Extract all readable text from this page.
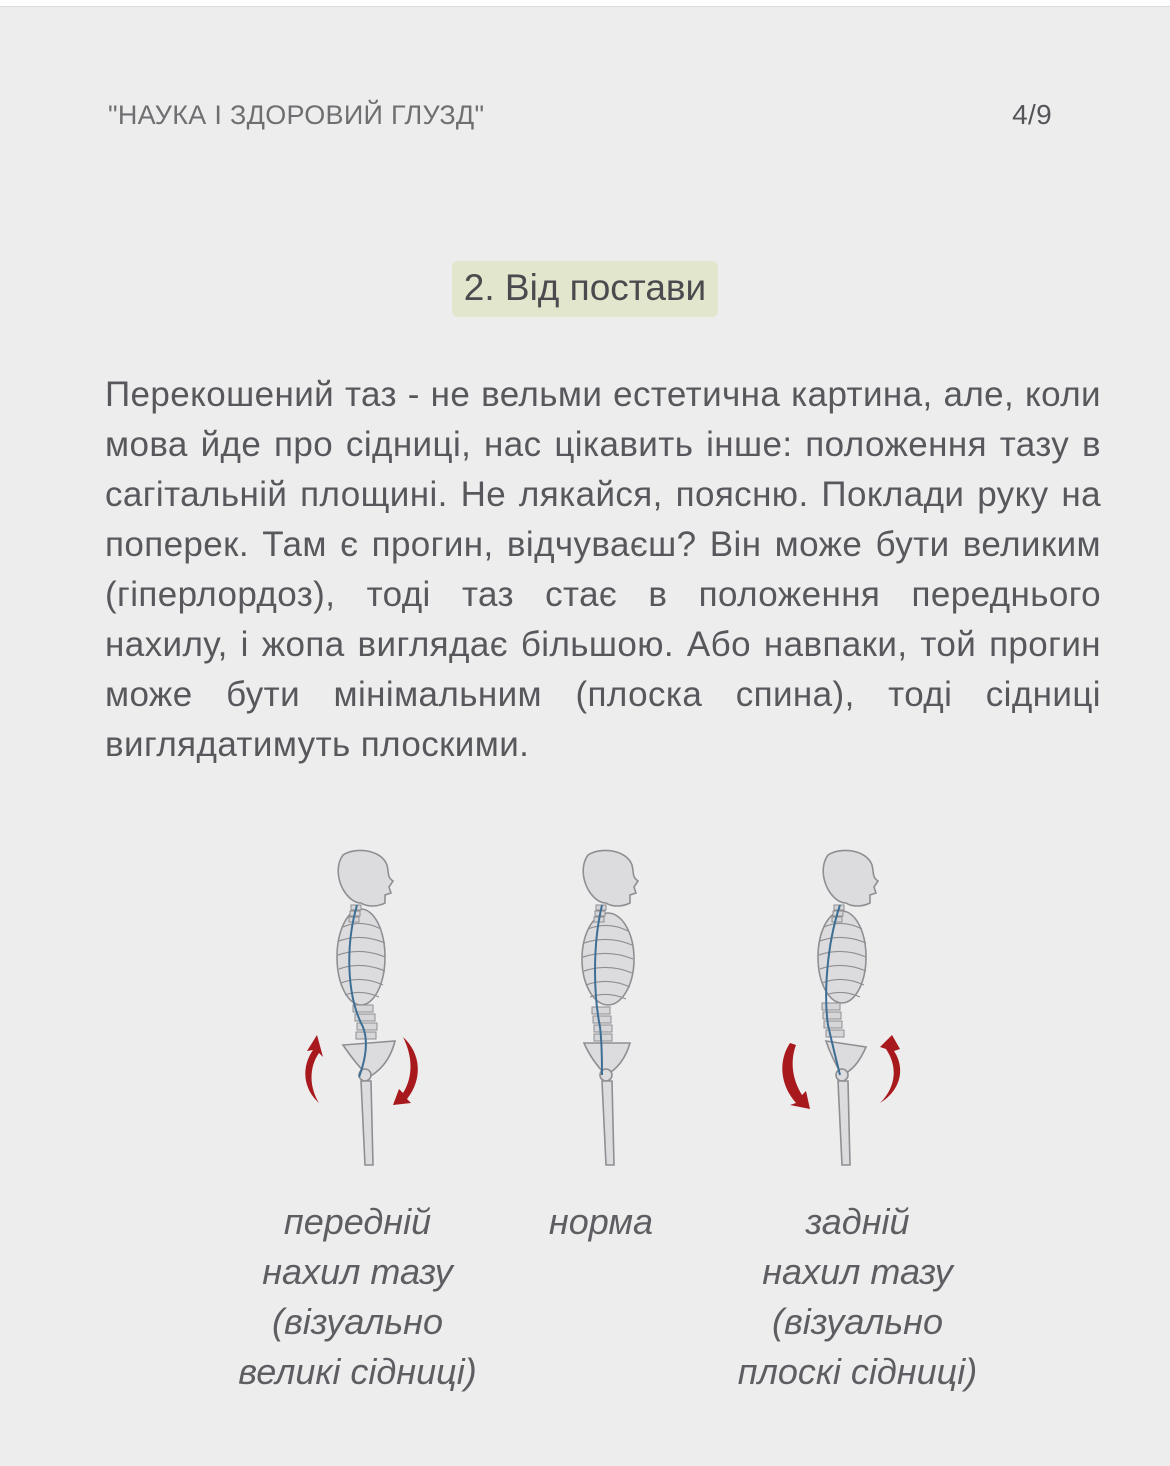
"НАУКА І ЗДОРОВИЙ ГЛУЗД"	4/9
2. Від постави

Перекошений таз - не вельми естетична картина, але, коли мова йде про сідниці, нас цікавить інше: положення тазу в сагітальній площині. Не лякайся, поясню. Поклади руку на поперек. Там є прогин, відчуваєш? Він може бути великим (гіперлордоз), тоді таз стає в положення переднього нахилу, і жопа виглядає більшою. Або навпаки, той прогин може бути мінімальним (плоска спина), тоді сідниці виглядатимуть плоскими.

передній
нахил тазу
(візуально
великі сідниці)
норма	задній
нахил тазу
(візуально
плоскі сідниці)
